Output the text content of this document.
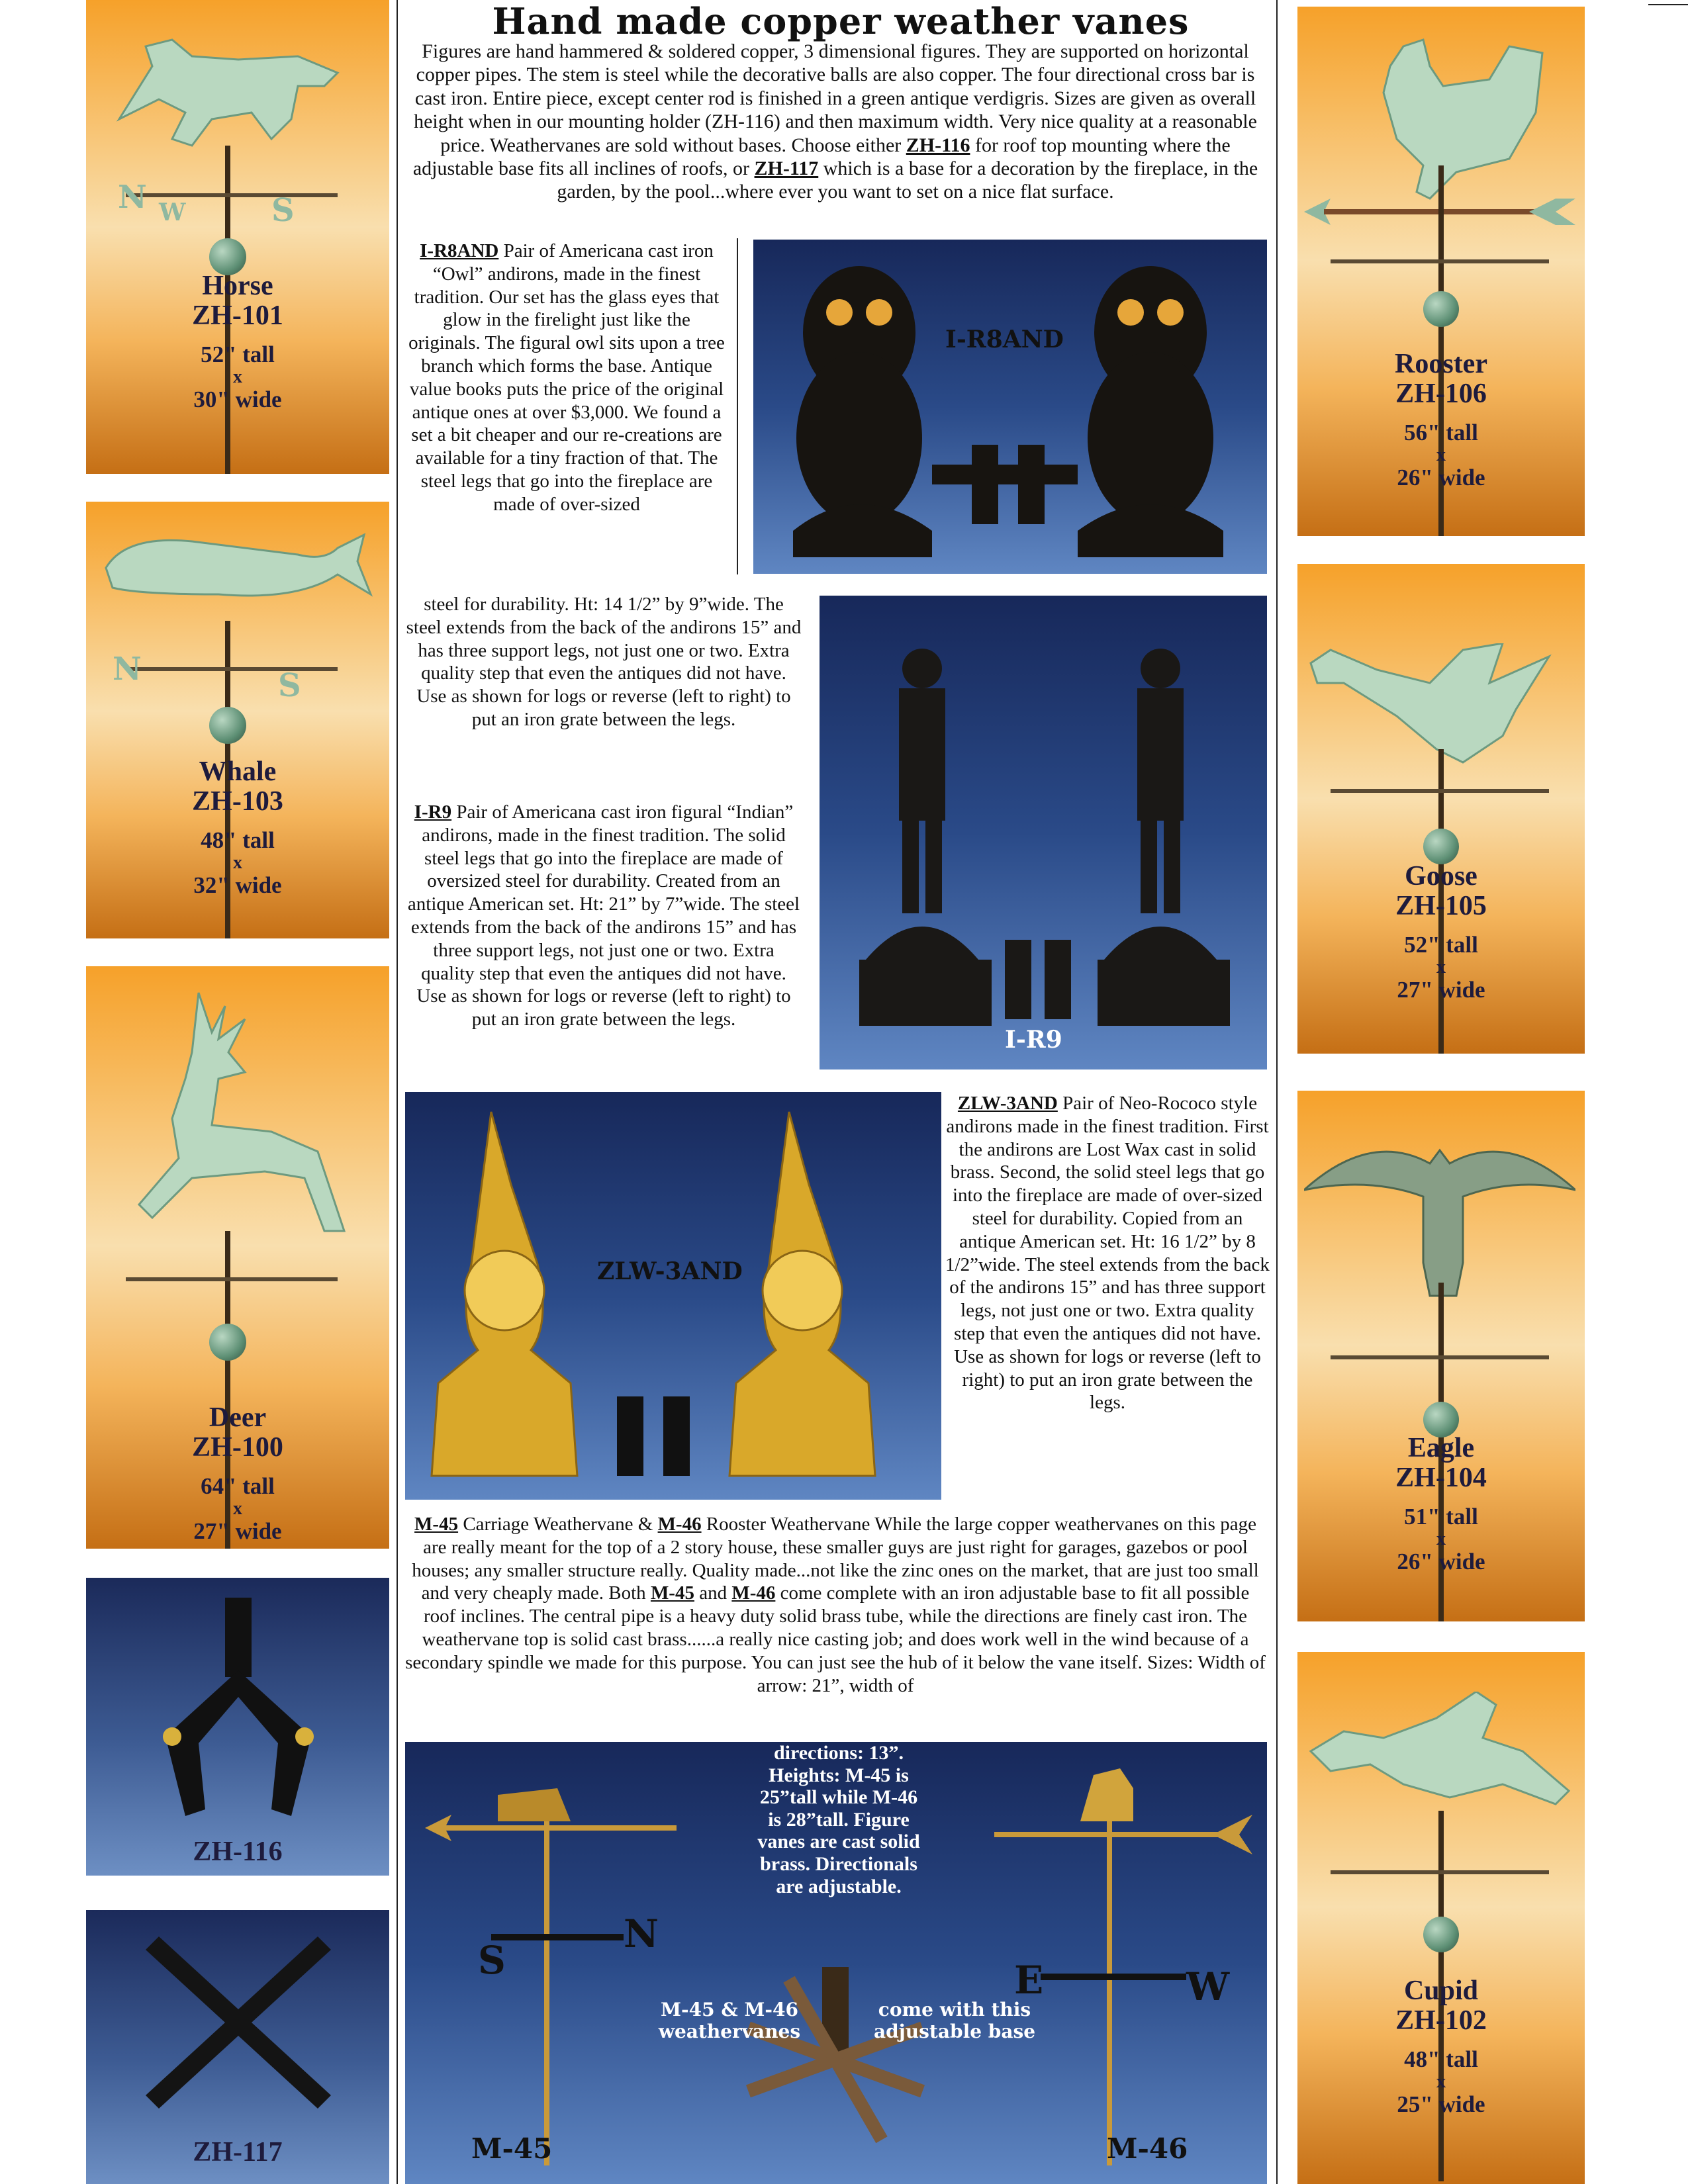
N W	S
Horse
ZH-101
52" tall
x
30" wide
N	S
Whale
ZH-103
48" tall
x
32" wide
Deer
ZH-100
64" tall
x
27" wide
ZH-116
ZH-117
Rooster
ZH-106
56" tall
x
26" wide
Goose
ZH-105
52" tall
x
27" wide
Eagle
ZH-104
51" tall
x
26" wide
Cupid
ZH-102
48" tall
x
25" wide
Hand made copper weather vanes
Figures are hand hammered & soldered copper, 3 dimensional figures. They are supported on horizontal copper pipes. The stem is steel while the decorative balls are also copper. The four directional cross bar is cast iron. Entire piece, except center rod is finished in a green antique verdigris. Sizes are given as overall height when in our mounting holder (ZH-116) and then maximum width. Very nice quality at a reasonable price. Weathervanes are sold without bases. Choose either ZH-116 for roof top mounting where the adjustable base fits all inclines of roofs, or ZH-117 which is a base for a decoration by the fireplace, in the garden, by the pool...where ever you want to set on a nice flat surface.
I-R8AND Pair of Americana cast iron “Owl” andirons, made in the finest tradition. Our set has the glass eyes that glow in the firelight just like the originals. The figural owl sits upon a tree branch which forms the base. Antique value books puts the price of the original antique ones at over $3,000. We found a set a bit cheaper and our re-creations are available for a tiny fraction of that. The steel legs that go into the fireplace are made of over-sized
I-R8AND
steel for durability. Ht: 14 1/2” by 9”wide. The steel extends from the back of the andirons 15” and has three support legs, not just one or two. Extra quality step that even the antiques did not have. Use as shown for logs or reverse (left to right) to put an iron grate between the legs.
I-R9 Pair of Americana cast iron figural “Indian” andirons, made in the finest tradition. The solid steel legs that go into the fireplace are made of oversized steel for durability. Created from an antique American set. Ht: 21” by 7”wide. The steel extends from the back of the andirons 15” and has three support legs, not just one or two. Extra quality step that even the antiques did not have. Use as shown for logs or reverse (left to right) to put an iron grate between the legs.
I-R9
ZLW-3AND
ZLW-3AND Pair of Neo-Rococo style andirons made in the finest tradition. First the andirons are Lost Wax cast in solid brass. Second, the solid steel legs that go into the fireplace are made of over-sized steel for durability. Copied from an antique American set. Ht: 16 1/2” by 8 1/2”wide. The steel extends from the back of the andirons 15” and has three support legs, not just one or two. Extra quality step that even the antiques did not have. Use as shown for logs or reverse (left to right) to put an iron grate between the legs.
M-45 Carriage Weathervane & M-46 Rooster Weathervane While the large copper weathervanes on this page are really meant for the top of a 2 story house, these smaller guys are just right for garages, gazebos or pool houses; any smaller structure really. Quality made...not like the zinc ones on the market, that are just too small and very cheaply made. Both M-45 and M-46 come complete with an iron adjustable base to fit all possible roof inclines. The central pipe is a heavy duty solid brass tube, while the directions are finely cast iron. The weathervane top is solid cast brass......a really nice casting job; and does work well in the wind because of a secondary spindle we made for this purpose. You can just see the hub of it below the vane itself. Sizes: Width of arrow: 21”, width of
S
N
E	W
directions: 13”. Heights: M-45 is 25”tall while M-46 is 28”tall. Figure vanes are cast solid brass. Directionals are adjustable.
M-45 & M-46 weathervanes
come with this adjustable base
M-45	M-46
